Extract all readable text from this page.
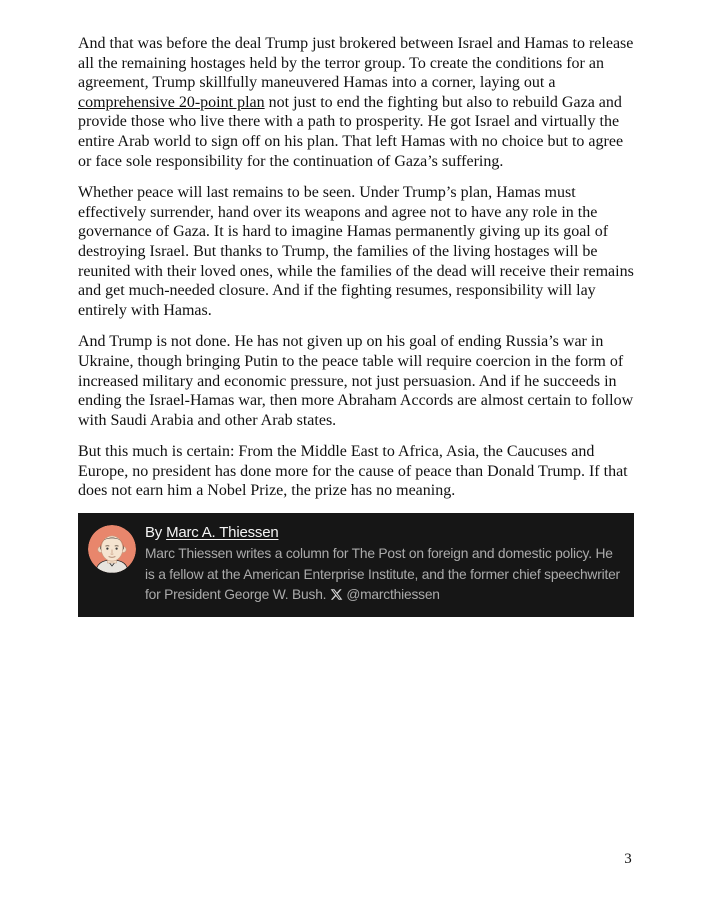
And that was before the deal Trump just brokered between Israel and Hamas to release all the remaining hostages held by the terror group. To create the conditions for an agreement, Trump skillfully maneuvered Hamas into a corner, laying out a comprehensive 20-point plan not just to end the fighting but also to rebuild Gaza and provide those who live there with a path to prosperity. He got Israel and virtually the entire Arab world to sign off on his plan. That left Hamas with no choice but to agree or face sole responsibility for the continuation of Gaza’s suffering.

Whether peace will last remains to be seen. Under Trump’s plan, Hamas must effectively surrender, hand over its weapons and agree not to have any role in the governance of Gaza. It is hard to imagine Hamas permanently giving up its goal of destroying Israel. But thanks to Trump, the families of the living hostages will be reunited with their loved ones, while the families of the dead will receive their remains and get much-needed closure. And if the fighting resumes, responsibility will lay entirely with Hamas.

And Trump is not done. He has not given up on his goal of ending Russia’s war in Ukraine, though bringing Putin to the peace table will require coercion in the form of increased military and economic pressure, not just persuasion. And if he succeeds in ending the Israel-Hamas war, then more Abraham Accords are almost certain to follow with Saudi Arabia and other Arab states.

But this much is certain: From the Middle East to Africa, Asia, the Caucuses and Europe, no president has done more for the cause of peace than Donald Trump. If that does not earn him a Nobel Prize, the prize has no meaning.

By Marc A. Thiessen
Marc Thiessen writes a column for The Post on foreign and domestic policy. He is a fellow at the American Enterprise Institute, and the former chief speechwriter for President George W. Bush. @marcthiessen
3
